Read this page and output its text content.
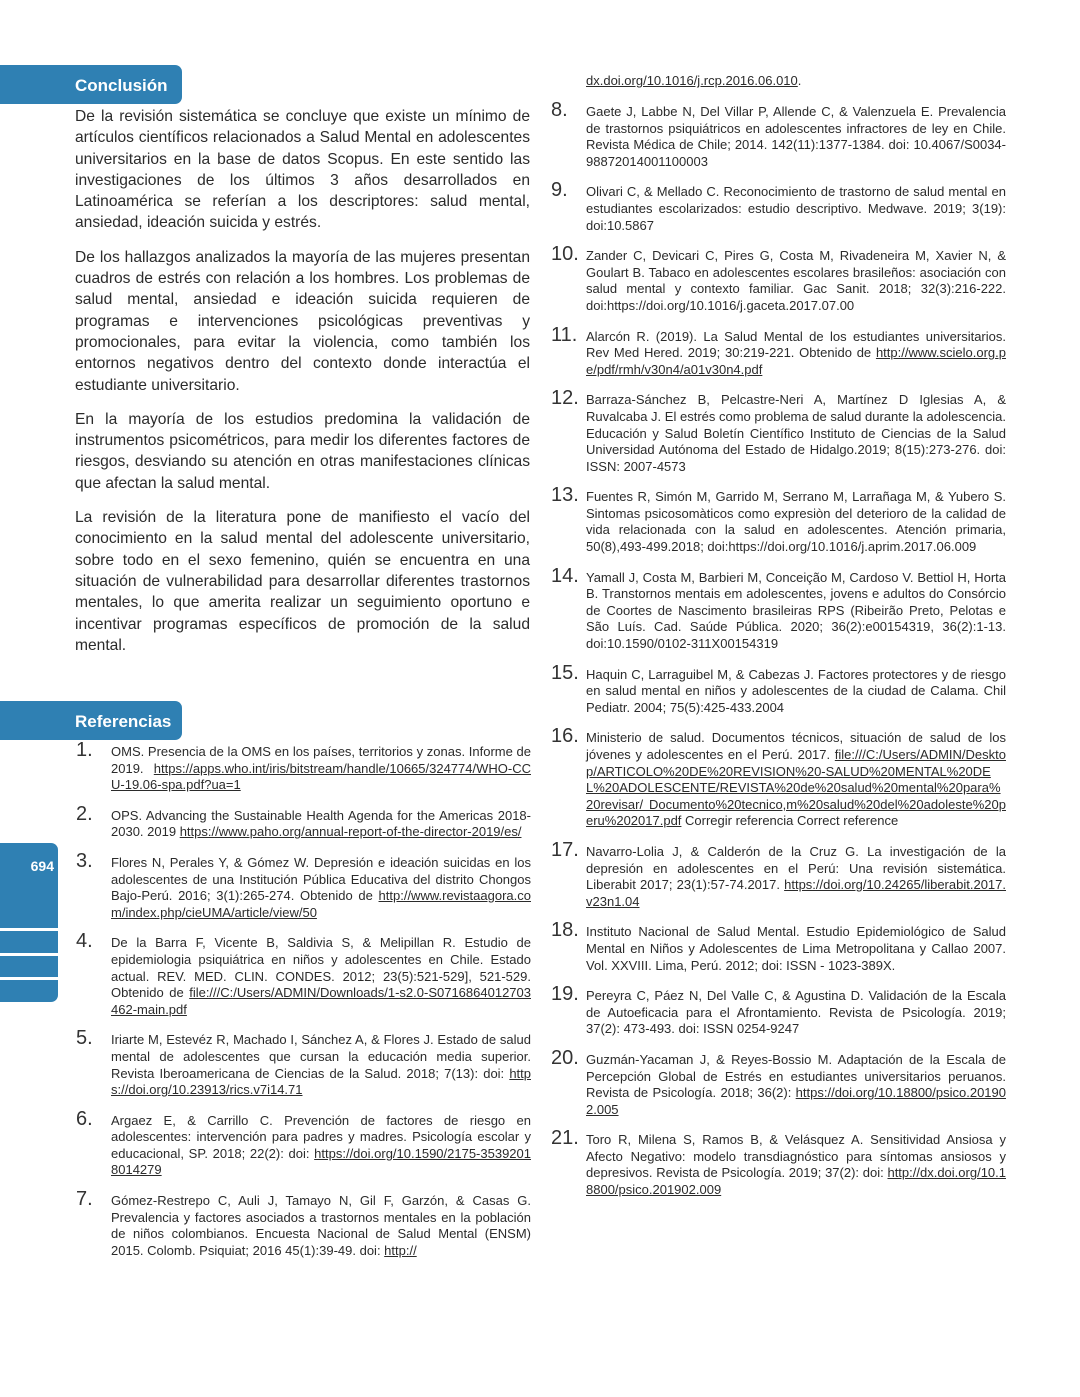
Conclusión
Referencias
694

De la revisión sistemática se concluye que existe un mínimo de artículos científicos relacionados a Salud Mental en adolescentes universitarios en la base de datos Scopus. En este sentido las investigaciones de los últimos 3 años desarrollados en Latinoamérica se referían a los descriptores: salud mental, ansiedad, ideación suicida y estrés.

De los hallazgos analizados la mayoría de las mujeres presentan cuadros de estrés con relación a los hombres. Los problemas de salud mental, ansiedad e ideación suicida requieren de programas e intervenciones psicológicas preventivas y promocionales, para evitar la violencia, como también los entornos negativos dentro del contexto donde interactúa el estudiante universitario.

En la mayoría de los estudios predomina la validación de instrumentos psicométricos, para medir los diferentes factores de riesgos, desviando su atención en otras manifestaciones clínicas que afectan la salud mental.

La revisión de la literatura pone de manifiesto el vacío del conocimiento en la salud mental del adolescente universitario, sobre todo en el sexo femenino, quién se encuentra en una situación de vulnerabilidad para desarrollar diferentes trastornos mentales, lo que amerita realizar un seguimiento oportuno e incentivar programas específicos de promoción de la salud mental.

1. OMS. Presencia de la OMS en los países, territorios y zonas. Informe de 2019. https://apps.who.int/iris/bitstream/handle/10665/324774/WHO-CCU-19.06-spa.pdf?ua=1
2. OPS. Advancing the Sustainable Health Agenda for the Americas 2018-2030. 2019 https://www.paho.org/annual-report-of-the-director-2019/es/
3. Flores N, Perales Y, & Gómez W. Depresión e ideación suicidas en los adolescentes de una Institución Pública Educativa del distrito Chongos Bajo-Perú. 2016; 3(1):265-274. Obtenido de http://www.revistaagora.com/index.php/cieUMA/article/view/50
4. De la Barra F, Vicente B, Saldivia S, & Melipillan R. Estudio de epidemiologia psiquiátrica en niños y adolescentes en Chile. Estado actual. REV. MED. CLIN. CONDES. 2012; 23(5):521-529], 521-529. Obtenido de file:///C:/Users/ADMIN/Downloads/1-s2.0-S0716864012703462-main.pdf
5. Iriarte M, Estevéz R, Machado I, Sánchez A, & Flores J. Estado de salud mental de adolescentes que cursan la educación media superior. Revista Iberoamericana de Ciencias de la Salud. 2018; 7(13): doi: https://doi.org/10.23913/rics.v7i14.71
6. Argaez E, & Carrillo C. Prevención de factores de riesgo en adolescentes: intervención para padres y madres. Psicología escolar y educacional, SP. 2018; 22(2): doi: https://doi.org/10.1590/2175-35392018014279
7. Gómez-Restrepo C, Auli J, Tamayo N, Gil F, Garzón, & Casas G. Prevalencia y factores asociados a trastornos mentales en la población de niños colombianos. Encuesta Nacional de Salud Mental (ENSM) 2015. Colomb. Psiquiat; 2016 45(1):39-49. doi: http://
dx.doi.org/10.1016/j.rcp.2016.06.010.
8. Gaete J, Labbe N, Del Villar P, Allende C, & Valenzuela E. Prevalencia de trastornos psiquiátricos en adolescentes infractores de ley en Chile. Revista Médica de Chile; 2014. 142(11):1377-1384. doi: 10.4067/S0034-98872014001100003
9. Olivari C, & Mellado C. Reconocimiento de trastorno de salud mental en estudiantes escolarizados: estudio descriptivo. Medwave. 2019; 3(19): doi:10.5867
10. Zander C, Devicari C, Pires G, Costa M, Rivadeneira M, Xavier N, & Goulart B. Tabaco en adolescentes escolares brasileños: asociación con salud mental y contexto familiar. Gac Sanit. 2018; 32(3):216-222. doi:https://doi.org/10.1016/j.gaceta.2017.07.00
11. Alarcón R. (2019). La Salud Mental de los estudiantes universitarios. Rev Med Hered. 2019; 30:219-221. Obtenido de http://www.scielo.org.pe/pdf/rmh/v30n4/a01v30n4.pdf
12. Barraza-Sánchez B, Pelcastre-Neri A, Martínez D Iglesias A, & Ruvalcaba J. El estrés como problema de salud durante la adolescencia. Educación y Salud Boletín Científico Instituto de Ciencias de la Salud Universidad Autónoma del Estado de Hidalgo.2019; 8(15):273-276. doi: ISSN: 2007-4573
13. Fuentes R, Simón M, Garrido M, Serrano M, Larrañaga M, & Yubero S. Sintomas psicosomàticos como expresiòn del deterioro de la calidad de vida relacionada con la salud en adolescentes. Atención primaria, 50(8),493-499.2018; doi:https://doi.org/10.1016/j.aprim.2017.06.009
14. Yamall J, Costa M, Barbieri M, Conceição M, Cardoso V. Bettiol H, Horta B. Transtornos mentais em adolescentes, jovens e adultos do Consórcio de Coortes de Nascimento brasileiras RPS (Ribeirão Preto, Pelotas e São Luís. Cad. Saúde Pública. 2020; 36(2):e00154319, 36(2):1-13. doi:10.1590/0102-311X00154319
15. Haquin C, Larraguibel M, & Cabezas J. Factores protectores y de riesgo en salud mental en niños y adolescentes de la ciudad de Calama. Chil Pediatr. 2004; 75(5):425-433.2004
16. Ministerio de salud. Documentos técnicos, situación de salud de los jóvenes y adolescentes en el Perú. 2017. file:///C:/Users/ADMIN/Desktop/ARTICOLO%20DE%20REVISION%20-SALUD%20MENTAL%20DEL%20ADOLESCENTE/REVISTA%20de%20salud%20mental%20para% 20revisar/ Documento%20tecnico,m%20salud%20del%20adoleste%20peru%202017.pdf Corregir referencia Correct reference
17. Navarro-Lolia J, & Calderón de la Cruz G. La investigación de la depresión en adolescentes en el Perú: Una revisión sistemática. Liberabit 2017; 23(1):57-74.2017. https://doi.org/10.24265/liberabit.2017.v23n1.04
18. Instituto Nacional de Salud Mental. Estudio Epidemiológico de Salud Mental en Niños y Adolescentes de Lima Metropolitana y Callao 2007. Vol. XXVIII. Lima, Perú. 2012; doi: ISSN - 1023-389X.
19. Pereyra C, Páez N, Del Valle C, & Agustina D. Validación de la Escala de Autoeficacia para el Afrontamiento. Revista de Psicología. 2019; 37(2): 473-493. doi: ISSN 0254-9247
20. Guzmán-Yacaman J, & Reyes-Bossio M. Adaptación de la Escala de Percepción Global de Estrés en estudiantes universitarios peruanos. Revista de Psicología. 2018; 36(2): https://doi.org/10.18800/psico.201902.005
21. Toro R, Milena S, Ramos B, & Velásquez A. Sensitividad Ansiosa y Afecto Negativo: modelo transdiagnóstico para síntomas ansiosos y depresivos. Revista de Psicología. 2019; 37(2): doi: http://dx.doi.org/10.18800/psico.201902.009
